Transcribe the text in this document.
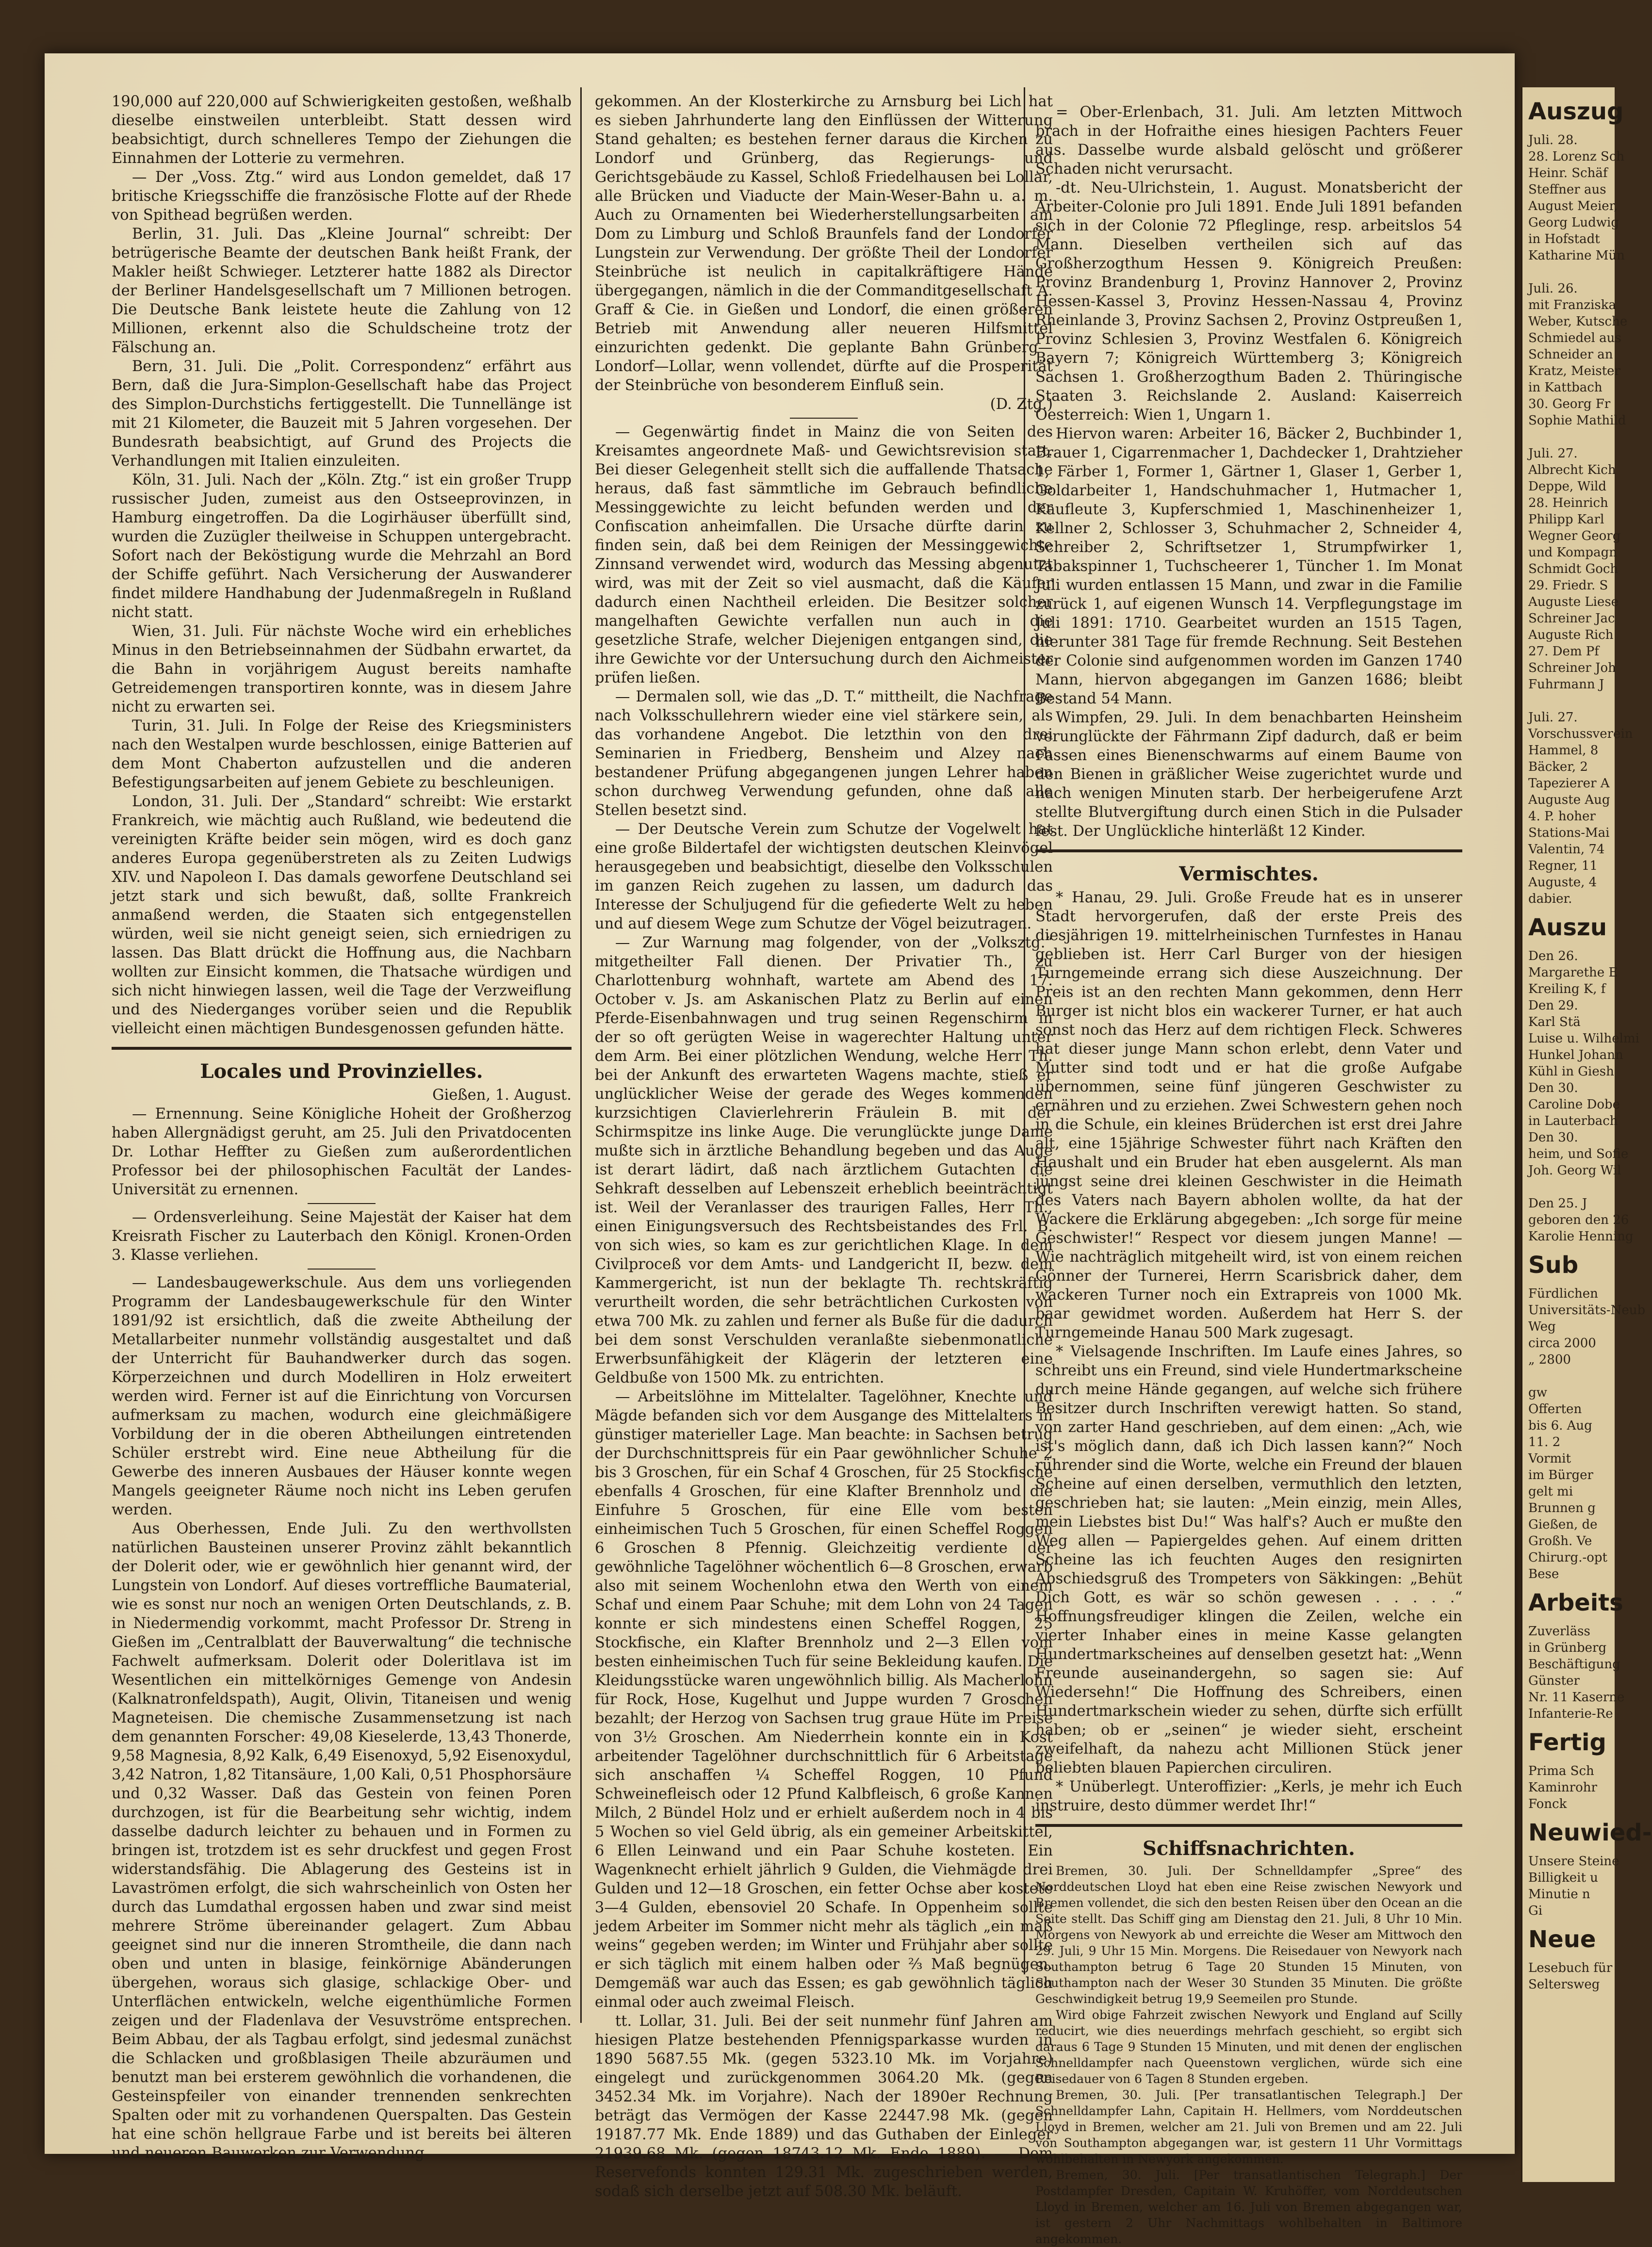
190,000 auf 220,000 auf Schwierigkeiten gestoßen, weßhalb dieselbe einstweilen unterbleibt. Statt dessen wird beabsichtigt, durch schnelleres Tempo der Ziehungen die Einnahmen der Lotterie zu vermehren.

— Der „Voss. Ztg.“ wird aus London gemeldet, daß 17 britische Kriegsschiffe die französische Flotte auf der Rhede von Spithead begrüßen werden.

Berlin, 31. Juli. Das „Kleine Journal“ schreibt: Der betrügerische Beamte der deutschen Bank heißt Frank, der Makler heißt Schwieger. Letzterer hatte 1882 als Director der Berliner Handelsgesellschaft um 7 Millionen betrogen. Die Deutsche Bank leistete heute die Zahlung von 12 Millionen, erkennt also die Schuldscheine trotz der Fälschung an.

Bern, 31. Juli. Die „Polit. Correspondenz“ erfährt aus Bern, daß die Jura-Simplon-Gesellschaft habe das Project des Simplon-Durchstichs fertiggestellt. Die Tunnellänge ist mit 21 Kilometer, die Bauzeit mit 5 Jahren vorgesehen. Der Bundesrath beabsichtigt, auf Grund des Projects die Verhandlungen mit Italien einzuleiten.

Köln, 31. Juli. Nach der „Köln. Ztg.“ ist ein großer Trupp russischer Juden, zumeist aus den Ostseeprovinzen, in Hamburg eingetroffen. Da die Logirhäuser überfüllt sind, wurden die Zuzügler theilweise in Schuppen untergebracht. Sofort nach der Beköstigung wurde die Mehrzahl an Bord der Schiffe geführt. Nach Versicherung der Auswanderer findet mildere Handhabung der Judenmaßregeln in Rußland nicht statt.

Wien, 31. Juli. Für nächste Woche wird ein erhebliches Minus in den Betriebseinnahmen der Südbahn erwartet, da die Bahn in vorjährigem August bereits namhafte Getreidemengen transportiren konnte, was in diesem Jahre nicht zu erwarten sei.

Turin, 31. Juli. In Folge der Reise des Kriegsministers nach den Westalpen wurde beschlossen, einige Batterien auf dem Mont Chaberton aufzustellen und die anderen Befestigungsarbeiten auf jenem Gebiete zu beschleunigen.

London, 31. Juli. Der „Standard“ schreibt: Wie erstarkt Frankreich, wie mächtig auch Rußland, wie bedeutend die vereinigten Kräfte beider sein mögen, wird es doch ganz anderes Europa gegenüberstreten als zu Zeiten Ludwigs XIV. und Napoleon I. Das damals geworfene Deutschland sei jetzt stark und sich bewußt, daß, sollte Frankreich anmaßend werden, die Staaten sich entgegenstellen würden, weil sie nicht geneigt seien, sich erniedrigen zu lassen. Das Blatt drückt die Hoffnung aus, die Nachbarn wollten zur Einsicht kommen, die Thatsache würdigen und sich nicht hinwiegen lassen, weil die Tage der Verzweiflung und des Niederganges vorüber seien und die Republik vielleicht einen mächtigen Bundesgenossen gefunden hätte.

Locales und Provinzielles.

Gießen, 1. August.

— Ernennung. Seine Königliche Hoheit der Großherzog haben Allergnädigst geruht, am 25. Juli den Privatdocenten Dr. Lothar Heffter zu Gießen zum außerordentlichen Professor bei der philosophischen Facultät der Landes-Universität zu ernennen.

— Ordensverleihung. Seine Majestät der Kaiser hat dem Kreisrath Fischer zu Lauterbach den Königl. Kronen-Orden 3. Klasse verliehen.

— Landesbaugewerkschule. Aus dem uns vorliegenden Programm der Landesbaugewerkschule für den Winter 1891/92 ist ersichtlich, daß die zweite Abtheilung der Metallarbeiter nunmehr vollständig ausgestaltet und daß der Unterricht für Bauhandwerker durch das sogen. Körperzeichnen und durch Modelliren in Holz erweitert werden wird. Ferner ist auf die Einrichtung von Vorcursen aufmerksam zu machen, wodurch eine gleichmäßigere Vorbildung der in die oberen Abtheilungen eintretenden Schüler erstrebt wird. Eine neue Abtheilung für die Gewerbe des inneren Ausbaues der Häuser konnte wegen Mangels geeigneter Räume noch nicht ins Leben gerufen werden.

Aus Oberhessen, Ende Juli. Zu den werthvollsten natürlichen Bausteinen unserer Provinz zählt bekanntlich der Dolerit oder, wie er gewöhnlich hier genannt wird, der Lungstein von Londorf. Auf dieses vortreffliche Baumaterial, wie es sonst nur noch an wenigen Orten Deutschlands, z. B. in Niedermendig vorkommt, macht Professor Dr. Streng in Gießen im „Centralblatt der Bauverwaltung“ die technische Fachwelt aufmerksam. Dolerit oder Doleritlava ist im Wesentlichen ein mittelkörniges Gemenge von Andesin (Kalknatronfeldspath), Augit, Olivin, Titaneisen und wenig Magneteisen. Die chemische Zusammensetzung ist nach dem genannten Forscher: 49,08 Kieselerde, 13,43 Thonerde, 9,58 Magnesia, 8,92 Kalk, 6,49 Eisenoxyd, 5,92 Eisenoxydul, 3,42 Natron, 1,82 Titansäure, 1,00 Kali, 0,51 Phosphorsäure und 0,32 Wasser. Daß das Gestein von feinen Poren durchzogen, ist für die Bearbeitung sehr wichtig, indem dasselbe dadurch leichter zu behauen und in Formen zu bringen ist, trotzdem ist es sehr druckfest und gegen Frost widerstandsfähig. Die Ablagerung des Gesteins ist in Lavaströmen erfolgt, die sich wahrscheinlich von Osten her durch das Lumdathal ergossen haben und zwar sind meist mehrere Ströme übereinander gelagert. Zum Abbau geeignet sind nur die inneren Stromtheile, die dann nach oben und unten in blasige, feinkörnige Abänderungen übergehen, woraus sich glasige, schlackige Ober- und Unterflächen entwickeln, welche eigenthümliche Formen zeigen und der Fladenlava der Vesuvströme entsprechen. Beim Abbau, der als Tagbau erfolgt, sind jedesmal zunächst die Schlacken und großblasigen Theile abzuräumen und benutzt man bei ersterem gewöhnlich die vorhandenen, die Gesteinspfeiler von einander trennenden senkrechten Spalten oder mit zu vorhandenen Querspalten. Das Gestein hat eine schön hellgraue Farbe und ist bereits bei älteren und neueren Bauwerken zur Verwendung

gekommen. An der Klosterkirche zu Arnsburg bei Lich hat es sieben Jahrhunderte lang den Einflüssen der Witterung Stand gehalten; es bestehen ferner daraus die Kirchen zu Londorf und Grünberg, das Regierungs- und Gerichtsgebäude zu Kassel, Schloß Friedelhausen bei Lollar, alle Brücken und Viaducte der Main-Weser-Bahn u. a. m. Auch zu Ornamenten bei Wiederherstellungsarbeiten am Dom zu Limburg und Schloß Braunfels fand der Londorfer Lungstein zur Verwendung. Der größte Theil der Londorfer Steinbrüche ist neulich in capitalkräftigere Hände übergegangen, nämlich in die der Commanditgesellschaft A. Graff & Cie. in Gießen und Londorf, die einen größeren Betrieb mit Anwendung aller neueren Hilfsmittel einzurichten gedenkt. Die geplante Bahn Grünberg—Londorf—Lollar, wenn vollendet, dürfte auf die Prosperität der Steinbrüche von besonderem Einfluß sein.

(D. Ztg.)

— Gegenwärtig findet in Mainz die von Seiten des Kreisamtes angeordnete Maß- und Gewichtsrevision statt. Bei dieser Gelegenheit stellt sich die auffallende Thatsache heraus, daß fast sämmtliche im Gebrauch befindliche Messinggewichte zu leicht befunden werden und der Confiscation anheimfallen. Die Ursache dürfte darin zu finden sein, daß bei dem Reinigen der Messinggewichte Zinnsand verwendet wird, wodurch das Messing abgenutzt wird, was mit der Zeit so viel ausmacht, daß die Käufer dadurch einen Nachtheil erleiden. Die Besitzer solcher mangelhaften Gewichte verfallen nun auch in die gesetzliche Strafe, welcher Diejenigen entgangen sind, die ihre Gewichte vor der Untersuchung durch den Aichmeister prüfen ließen.

— Dermalen soll, wie das „D. T.“ mittheilt, die Nachfrage nach Volksschullehrern wieder eine viel stärkere sein, als das vorhandene Angebot. Die letzthin von den drei Seminarien in Friedberg, Bensheim und Alzey nach bestandener Prüfung abgegangenen jungen Lehrer haben schon durchweg Verwendung gefunden, ohne daß alle Stellen besetzt sind.

— Der Deutsche Verein zum Schutze der Vogelwelt hat eine große Bildertafel der wichtigsten deutschen Kleinvögel herausgegeben und beabsichtigt, dieselbe den Volksschulen im ganzen Reich zugehen zu lassen, um dadurch das Interesse der Schuljugend für die gefiederte Welt zu heben und auf diesem Wege zum Schutze der Vögel beizutragen.

— Zur Warnung mag folgender, von der „Volksztg.“ mitgetheilter Fall dienen. Der Privatier Th., zu Charlottenburg wohnhaft, wartete am Abend des 17. October v. Js. am Askanischen Platz zu Berlin auf einen Pferde-Eisenbahnwagen und trug seinen Regenschirm in der so oft gerügten Weise in wagerechter Haltung unter dem Arm. Bei einer plötzlichen Wendung, welche Herr Th. bei der Ankunft des erwarteten Wagens machte, stieß er unglücklicher Weise der gerade des Weges kommenden kurzsichtigen Clavierlehrerin Fräulein B. mit der Schirmspitze ins linke Auge. Die verunglückte junge Dame mußte sich in ärztliche Behandlung begeben und das Auge ist derart lädirt, daß nach ärztlichem Gutachten die Sehkraft desselben auf Lebenszeit erheblich beeinträchtigt ist. Weil der Veranlasser des traurigen Falles, Herr Th., einen Einigungsversuch des Rechtsbeistandes des Frl. B. von sich wies, so kam es zur gerichtlichen Klage. In dem Civilproceß vor dem Amts- und Landgericht II, bezw. dem Kammergericht, ist nun der beklagte Th. rechtskräftig verurtheilt worden, die sehr beträchtlichen Curkosten von etwa 700 Mk. zu zahlen und ferner als Buße für die dadurch bei dem sonst Verschulden veranlaßte siebenmonatliche Erwerbsunfähigkeit der Klägerin der letzteren eine Geldbuße von 1500 Mk. zu entrichten.

— Arbeitslöhne im Mittelalter. Tagelöhner, Knechte und Mägde befanden sich vor dem Ausgange des Mittelalters in günstiger materieller Lage. Man beachte: in Sachsen betrug der Durchschnittspreis für ein Paar gewöhnlicher Schuhe 2 bis 3 Groschen, für ein Schaf 4 Groschen, für 25 Stockfische ebenfalls 4 Groschen, für eine Klafter Brennholz und die Einfuhre 5 Groschen, für eine Elle vom besten einheimischen Tuch 5 Groschen, für einen Scheffel Roggen 6 Groschen 8 Pfennig. Gleichzeitig verdiente der gewöhnliche Tagelöhner wöchentlich 6—8 Groschen, erwarb also mit seinem Wochenlohn etwa den Werth von einem Schaf und einem Paar Schuhe; mit dem Lohn von 24 Tagen konnte er sich mindestens einen Scheffel Roggen, 25 Stockfische, ein Klafter Brennholz und 2—3 Ellen vom besten einheimischen Tuch für seine Bekleidung kaufen. Die Kleidungsstücke waren ungewöhnlich billig. Als Macherlohn für Rock, Hose, Kugelhut und Juppe wurden 7 Groschen bezahlt; der Herzog von Sachsen trug graue Hüte im Preise von 3½ Groschen. Am Niederrhein konnte ein in Kost arbeitender Tagelöhner durchschnittlich für 6 Arbeitstage sich anschaffen ¼ Scheffel Roggen, 10 Pfund Schweinefleisch oder 12 Pfund Kalbfleisch, 6 große Kannen Milch, 2 Bündel Holz und er erhielt außerdem noch in 4 bis 5 Wochen so viel Geld übrig, als ein gemeiner Arbeitskittel, 6 Ellen Leinwand und ein Paar Schuhe kosteten. Ein Wagenknecht erhielt jährlich 9 Gulden, die Viehmägde drei Gulden und 12—18 Groschen, ein fetter Ochse aber kostete 3—4 Gulden, ebensoviel 20 Schafe. In Oppenheim sollte jedem Arbeiter im Sommer nicht mehr als täglich „ein maß weins“ gegeben werden; im Winter und Frühjahr aber sollte er sich täglich mit einem halben oder ⅔ Maß begnügen. Demgemäß war auch das Essen; es gab gewöhnlich täglich einmal oder auch zweimal Fleisch.

tt. Lollar, 31. Juli. Bei der seit nunmehr fünf Jahren am hiesigen Platze bestehenden Pfennigsparkasse wurden in 1890 5687.55 Mk. (gegen 5323.10 Mk. im Vorjahre) eingelegt und zurückgenommen 3064.20 Mk. (gegen 3452.34 Mk. im Vorjahre). Nach der 1890er Rechnung beträgt das Vermögen der Kasse 22447.98 Mk. (gegen 19187.77 Mk. Ende 1889) und das Guthaben der Einleger 21939.68 Mk. (gegen 18743.12 Mk. Ende 1889). — Dem Reservefonds konnten 129.31 Mk. zugeschrieben werden, sodaß sich derselbe jetzt auf 508.30 Mk. beläuft.

= Ober-Erlenbach, 31. Juli. Am letzten Mittwoch brach in der Hofraithe eines hiesigen Pachters Feuer aus. Dasselbe wurde alsbald gelöscht und größerer Schaden nicht verursacht.

-dt. Neu-Ulrichstein, 1. August. Monatsbericht der Arbeiter-Colonie pro Juli 1891. Ende Juli 1891 befanden sich in der Colonie 72 Pfleglinge, resp. arbeitslos 54 Mann. Dieselben vertheilen sich auf das Großherzogthum Hessen 9. Königreich Preußen: Provinz Brandenburg 1, Provinz Hannover 2, Provinz Hessen-Kassel 3, Provinz Hessen-Nassau 4, Provinz Rheinlande 3, Provinz Sachsen 2, Provinz Ostpreußen 1, Provinz Schlesien 3, Provinz Westfalen 6. Königreich Bayern 7; Königreich Württemberg 3; Königreich Sachsen 1. Großherzogthum Baden 2. Thüringische Staaten 3. Reichslande 2. Ausland: Kaiserreich Oesterreich: Wien 1, Ungarn 1.

Hiervon waren: Arbeiter 16, Bäcker 2, Buchbinder 1, Brauer 1, Cigarrenmacher 1, Dachdecker 1, Drahtzieher 1, Färber 1, Former 1, Gärtner 1, Glaser 1, Gerber 1, Goldarbeiter 1, Handschuhmacher 1, Hutmacher 1, Kaufleute 3, Kupferschmied 1, Maschinenheizer 1, Kellner 2, Schlosser 3, Schuhmacher 2, Schneider 4, Schreiber 2, Schriftsetzer 1, Strumpfwirker 1, Tabakspinner 1, Tuchscheerer 1, Tüncher 1. Im Monat Juli wurden entlassen 15 Mann, und zwar in die Familie zurück 1, auf eigenen Wunsch 14. Verpflegungstage im Juli 1891: 1710. Gearbeitet wurden an 1515 Tagen, hierunter 381 Tage für fremde Rechnung. Seit Bestehen der Colonie sind aufgenommen worden im Ganzen 1740 Mann, hiervon abgegangen im Ganzen 1686; bleibt Bestand 54 Mann.

Wimpfen, 29. Juli. In dem benachbarten Heinsheim verunglückte der Fährmann Zipf dadurch, daß er beim Fassen eines Bienenschwarms auf einem Baume von den Bienen in gräßlicher Weise zugerichtet wurde und nach wenigen Minuten starb. Der herbeigerufene Arzt stellte Blutvergiftung durch einen Stich in die Pulsader fest. Der Unglückliche hinterläßt 12 Kinder.

Vermischtes.

* Hanau, 29. Juli. Große Freude hat es in unserer Stadt hervorgerufen, daß der erste Preis des diesjährigen 19. mittelrheinischen Turnfestes in Hanau geblieben ist. Herr Carl Burger von der hiesigen Turngemeinde errang sich diese Auszeichnung. Der Preis ist an den rechten Mann gekommen, denn Herr Burger ist nicht blos ein wackerer Turner, er hat auch sonst noch das Herz auf dem richtigen Fleck. Schweres hat dieser junge Mann schon erlebt, denn Vater und Mutter sind todt und er hat die große Aufgabe übernommen, seine fünf jüngeren Geschwister zu ernähren und zu erziehen. Zwei Schwestern gehen noch in die Schule, ein kleines Brüderchen ist erst drei Jahre alt, eine 15jährige Schwester führt nach Kräften den Haushalt und ein Bruder hat eben ausgelernt. Als man jüngst seine drei kleinen Geschwister in die Heimath des Vaters nach Bayern abholen wollte, da hat der Wackere die Erklärung abgegeben: „Ich sorge für meine Geschwister!“ Respect vor diesem jungen Manne! — Wie nachträglich mitgeheilt wird, ist von einem reichen Gönner der Turnerei, Herrn Scarisbrick daher, dem wackeren Turner noch ein Extrapreis von 1000 Mk. baar gewidmet worden. Außerdem hat Herr S. der Turngemeinde Hanau 500 Mark zugesagt.

* Vielsagende Inschriften. Im Laufe eines Jahres, so schreibt uns ein Freund, sind viele Hundertmarkscheine durch meine Hände gegangen, auf welche sich frühere Besitzer durch Inschriften verewigt hatten. So stand, von zarter Hand geschrieben, auf dem einen: „Ach, wie ist's möglich dann, daß ich Dich lassen kann?“ Noch rührender sind die Worte, welche ein Freund der blauen Scheine auf einen derselben, vermuthlich den letzten, geschrieben hat; sie lauten: „Mein einzig, mein Alles, mein Liebstes bist Du!“ Was half's? Auch er mußte den Weg allen — Papiergeldes gehen. Auf einem dritten Scheine las ich feuchten Auges den resignirten Abschiedsgruß des Trompeters von Säkkingen: „Behüt Dich Gott, es wär so schön gewesen . . . . .“ Hoffnungsfreudiger klingen die Zeilen, welche ein vierter Inhaber eines in meine Kasse gelangten Hundertmarkscheines auf denselben gesetzt hat: „Wenn Freunde auseinandergehn, so sagen sie: Auf Wiedersehn!“ Die Hoffnung des Schreibers, einen Hundertmarkschein wieder zu sehen, dürfte sich erfüllt haben; ob er „seinen“ je wieder sieht, erscheint zweifelhaft, da nahezu acht Millionen Stück jener beliebten blauen Papierchen circuliren.

* Unüberlegt. Unteroffizier: „Kerls, je mehr ich Euch instruire, desto dümmer werdet Ihr!“

Schiffsnachrichten.

Bremen, 30. Juli. Der Schnelldampfer „Spree“ des Norddeutschen Lloyd hat eben eine Reise zwischen Newyork und Bremen vollendet, die sich den besten Reisen über den Ocean an die Seite stellt. Das Schiff ging am Dienstag den 21. Juli, 8 Uhr 10 Min. Morgens von Newyork ab und erreichte die Weser am Mittwoch den 29. Juli, 9 Uhr 15 Min. Morgens. Die Reisedauer von Newyork nach Southampton betrug 6 Tage 20 Stunden 15 Minuten, von Southampton nach der Weser 30 Stunden 35 Minuten. Die größte Geschwindigkeit betrug 19,9 Seemeilen pro Stunde.

Wird obige Fahrzeit zwischen Newyork und England auf Scilly reducirt, wie dies neuerdings mehrfach geschieht, so ergibt sich daraus 6 Tage 9 Stunden 15 Minuten, und mit denen der englischen Schnelldampfer nach Queenstown verglichen, würde sich eine Reisedauer von 6 Tagen 8 Stunden ergeben.

Bremen, 30. Juli. [Per transatlantischen Telegraph.] Der Schnelldampfer Lahn, Capitain H. Hellmers, vom Norddeutschen Lloyd in Bremen, welcher am 21. Juli von Bremen und am 22. Juli von Southampton abgegangen war, ist gestern 11 Uhr Vormittags wohlbehalten in Newyork angekommen.

Bremen, 30. Juli. [Per transatlantischen Telegraph.] Der Postdampfer Dresden, Capitain W. Kruhöffer, vom Norddeutschen Lloyd in Bremen, welcher am 16. Juli von Bremen abgegangen war, ist gestern 2 Uhr Nachmittags wohlbehalten in Baltimore angekommen.

Auszug
Juli. 28.
28. Lorenz Sch
Heinr. Schäf
Steffner aus
August Meier,
Georg Ludwig
in Hofstadt
Katharine Mün

Juli. 26.
mit Franziska
Weber, Kutsche
Schmiedel aus
Schneider an
Kratz, Meister
in Kattbach
30. Georg Fr
Sophie Mathild

Juli. 27.
Albrecht Kich
Deppe, Wild
28. Heinrich
Philipp Karl
Wegner Georg
und Kompagn
Schmidt Goch
29. Friedr. S
Auguste Liese
Schreiner Jac
Auguste Rich
27. Dem Pf
Schreiner Joh
Fuhrmann J

Juli. 27.
Vorschussverein
Hammel, 8
Bäcker, 2
Tapezierer A
Auguste Aug
4. P. hoher
Stations-Mai
Valentin, 74
Regner, 11
Auguste, 4
dabier.
Auszu
Den 26.
Margarethe E
Kreiling K, f
Den 29.
Karl Stä
Luise u. Wilhelmi
Hunkel Johann
Kühl in Giesh
Den 30.
Caroline Dobe
in Lauterbach
Den 30.
heim, und Sofie
Joh. Georg Wil

Den 25. J
geboren den 26
Karolie Henning
Sub
Fürdlichen
Universitäts-Neub
Weg
circa 2000
„ 2800

gw
Offerten
bis 6. Aug
11. 2
Vormit
im Bürger
gelt mi
Brunnen g
Gießen, de
Großh. Ve
Chirurg.-opt
Bese
Arbeits
Zuverläss
in Grünberg
Beschäftigung
Günster
Nr. 11 Kaserne
Infanterie-Re
Fertig
Prima Sch
Kaminrohr
Fonck
Neuwied-
Unsere Steine
Billigkeit u
Minutie n
Gi
Neue
Lesebuch für
Seltersweg
